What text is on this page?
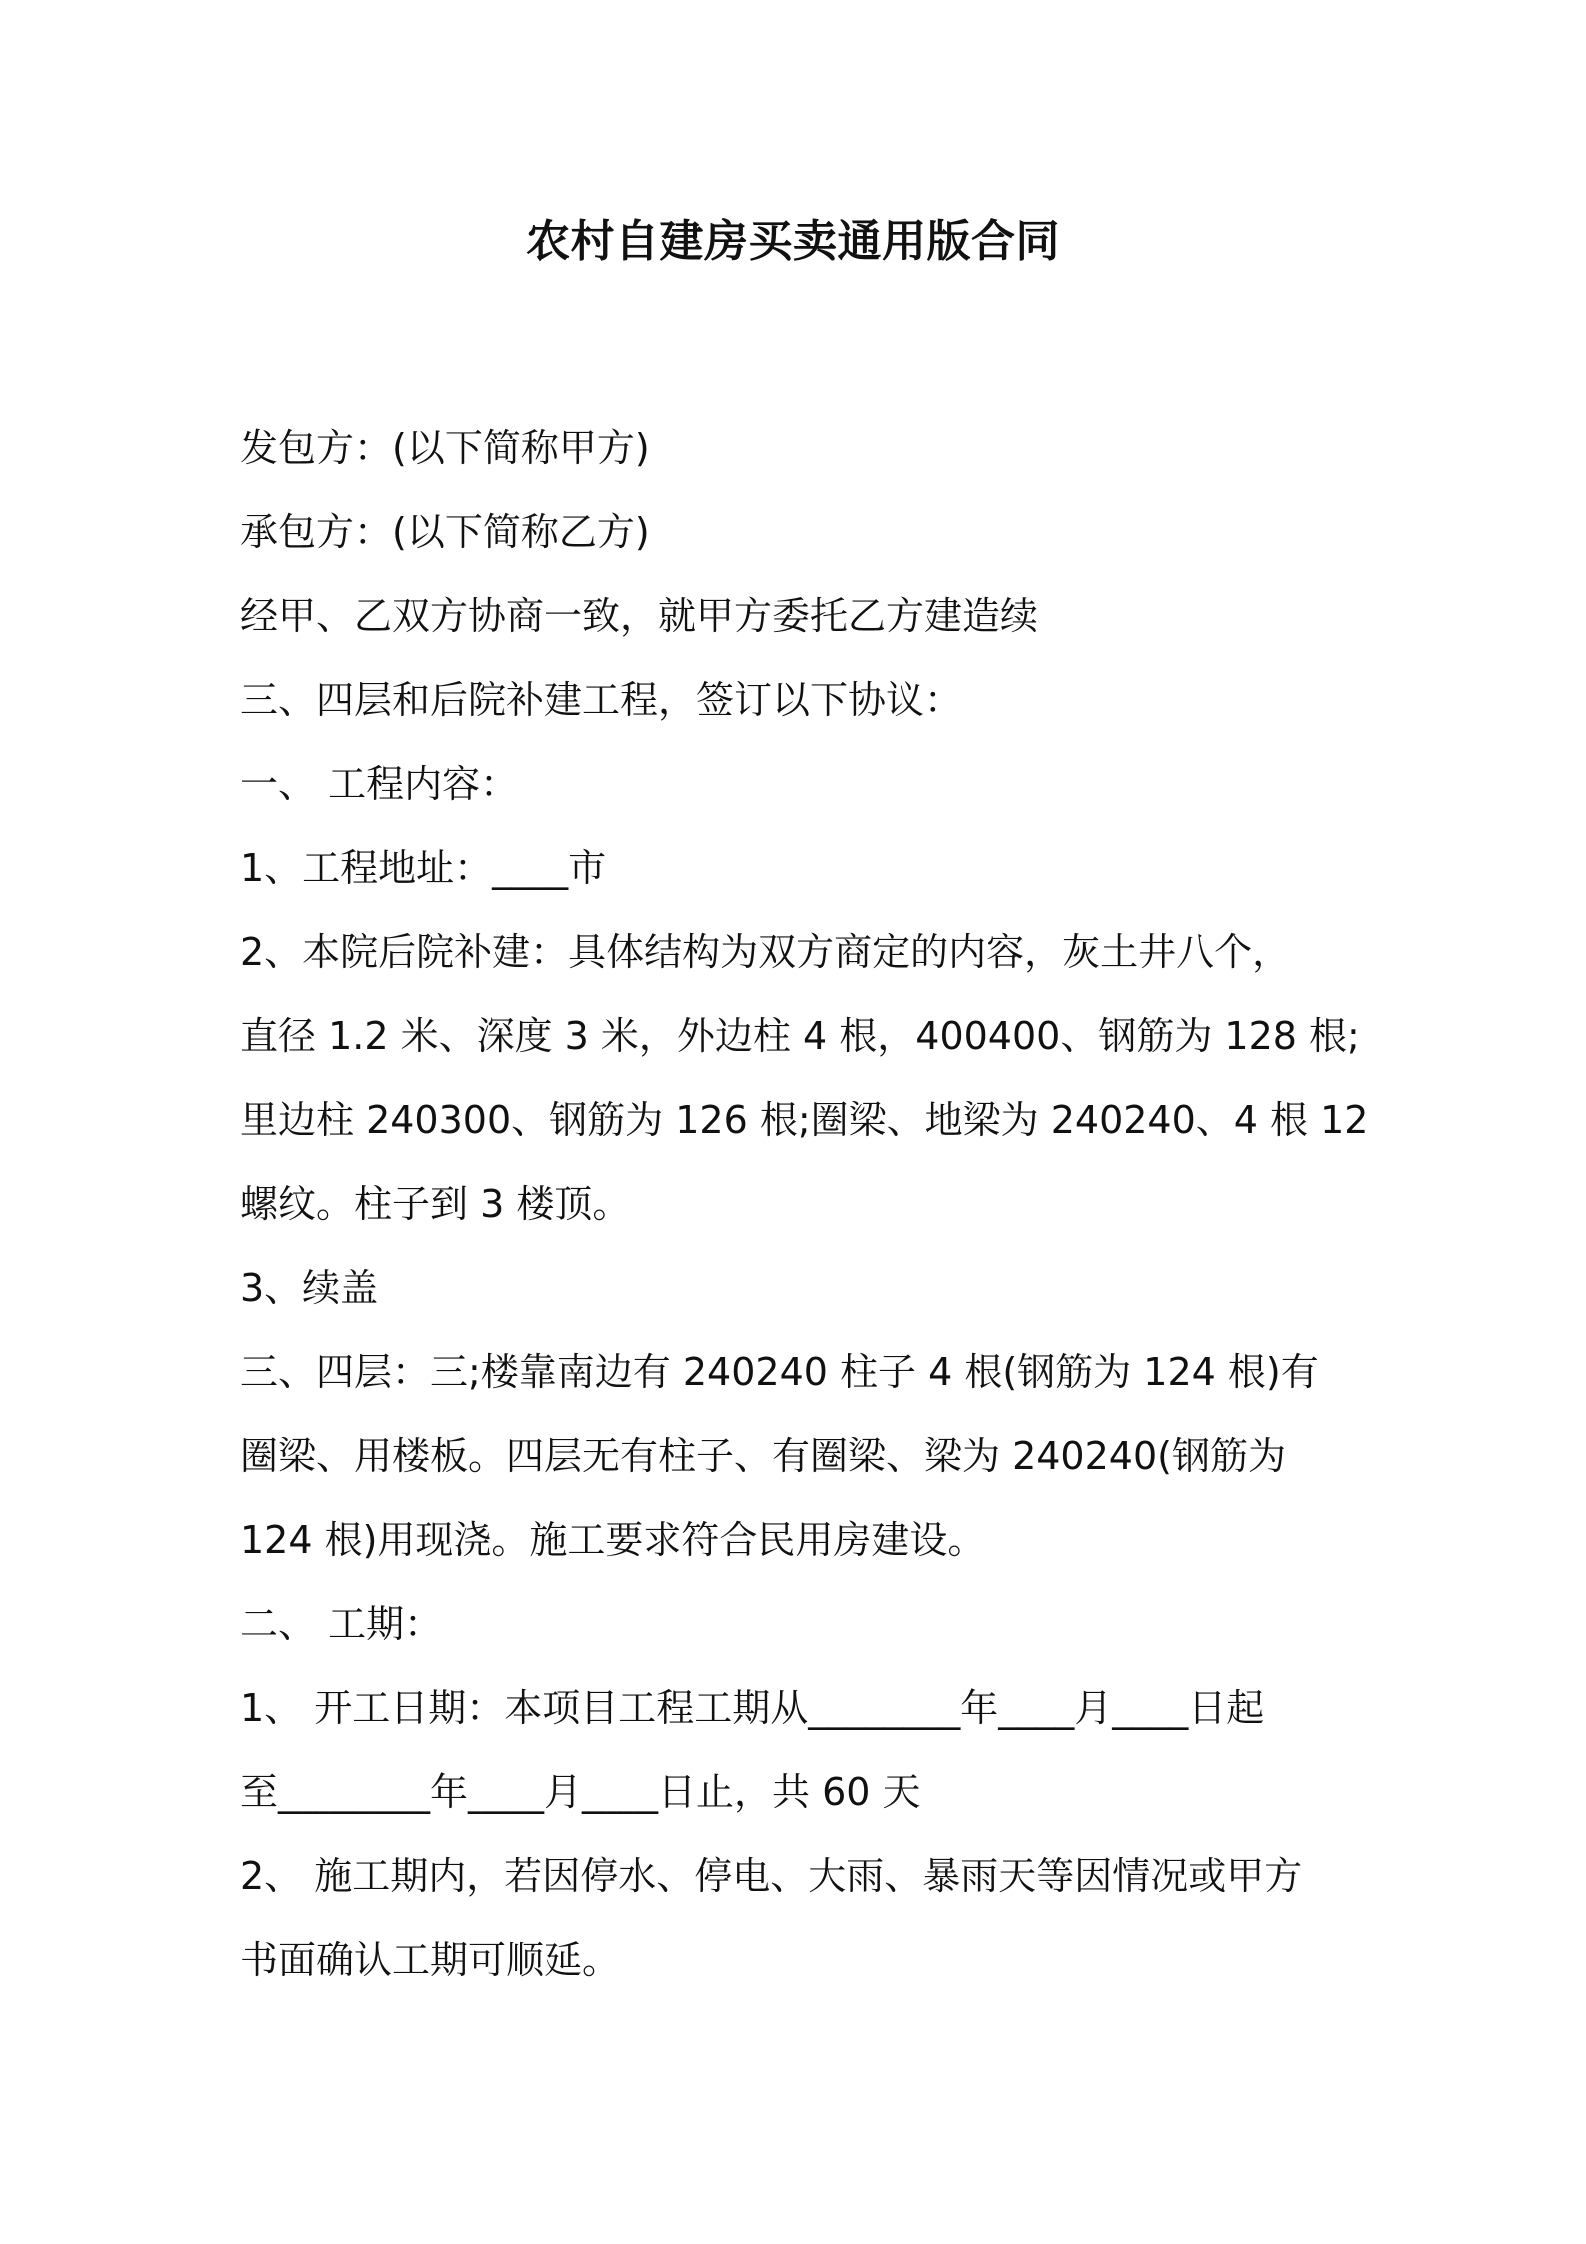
农村自建房买卖通用版合同
发包方：(以下简称甲方)
承包方：(以下简称乙方)
经甲、乙双方协商一致，就甲方委托乙方建造续
三、四层和后院补建工程，签订以下协议：
一、 工程内容：
1、工程地址：____市
2、本院后院补建：具体结构为双方商定的内容，灰土井八个，
直径 1.2 米、深度 3 米，外边柱 4 根，400400、钢筋为 128 根;
里边柱 240300、钢筋为 126 根;圈梁、地梁为 240240、4 根 12
螺纹。柱子到 3 楼顶。
3、续盖
三、四层：三;楼靠南边有 240240 柱子 4 根(钢筋为 124 根)有
圈梁、用楼板。四层无有柱子、有圈梁、梁为 240240(钢筋为
124 根)用现浇。施工要求符合民用房建设。
二、 工期：
1、 开工日期：本项目工程工期从________年____月____日起
至________年____月____日止，共 60 天
2、 施工期内，若因停水、停电、大雨、暴雨天等因情况或甲方
书面确认工期可顺延。
